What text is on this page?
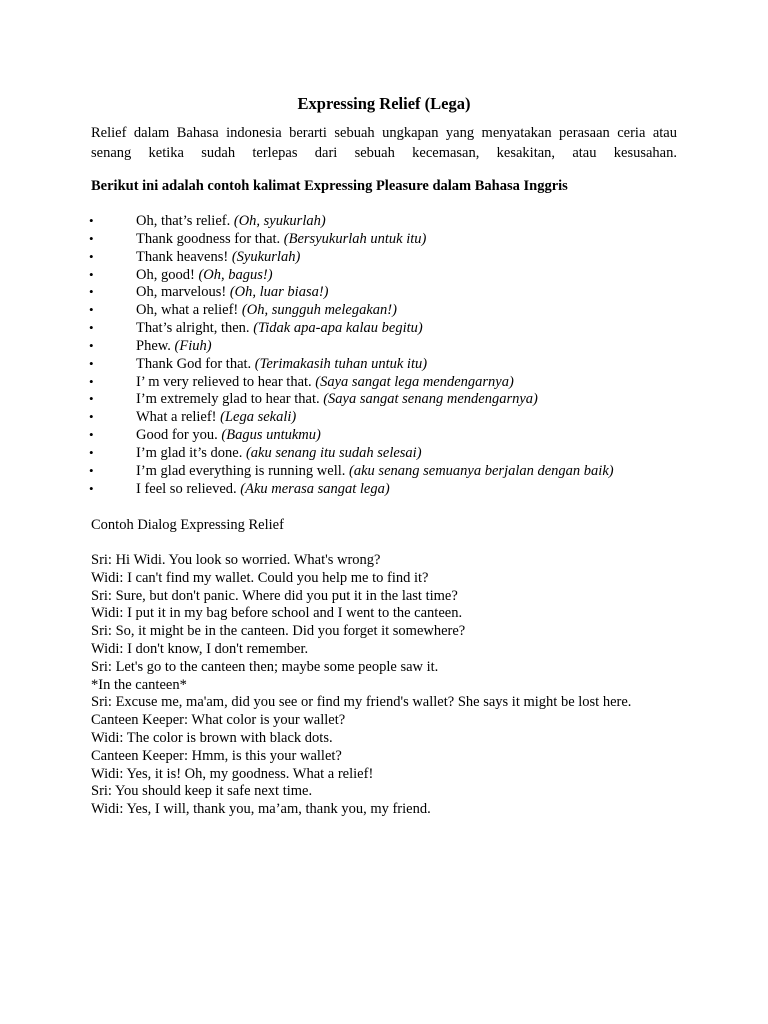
Expressing Relief (Lega)

Relief dalam Bahasa indonesia berarti sebuah ungkapan yang menyatakan perasaan ceria atau
senang ketika sudah terlepas dari sebuah kecemasan, kesakitan, atau kesusahan.

Berikut ini adalah contoh kalimat Expressing Pleasure dalam Bahasa Inggris

•	Oh, that’s relief. (Oh, syukurlah)
•	Thank goodness for that. (Bersyukurlah untuk itu)
•	Thank heavens! (Syukurlah)
•	Oh, good! (Oh, bagus!)
•	Oh, marvelous! (Oh, luar biasa!)
•	Oh, what a relief! (Oh, sungguh melegakan!)
•	That’s alright, then. (Tidak apa-apa kalau begitu)
•	Phew. (Fiuh)
•	Thank God for that. (Terimakasih tuhan untuk itu)
•	I’ m very relieved to hear that. (Saya sangat lega mendengarnya)
•	I’m extremely glad to hear that. (Saya sangat senang mendengarnya)
•	What a relief! (Lega sekali)
•	Good for you. (Bagus untukmu)
•	I’m glad it’s done. (aku senang itu sudah selesai)
•	I’m glad everything is running well. (aku senang semuanya berjalan dengan baik)
•	I feel so relieved. (Aku merasa sangat lega)

Contoh Dialog Expressing Relief

Sri: Hi Widi. You look so worried. What's wrong?
Widi: I can't find my wallet. Could you help me to find it?
Sri: Sure, but don't panic. Where did you put it in the last time?
Widi: I put it in my bag before school and I went to the canteen.
Sri: So, it might be in the canteen. Did you forget it somewhere?
Widi: I don't know, I don't remember.
Sri: Let's go to the canteen then; maybe some people saw it.
*In the canteen*
Sri: Excuse me, ma'am, did you see or find my friend's wallet? She says it might be lost here.
Canteen Keeper: What color is your wallet?
Widi: The color is brown with black dots.
Canteen Keeper: Hmm, is this your wallet?
Widi: Yes, it is! Oh, my goodness. What a relief!
Sri: You should keep it safe next time.
Widi: Yes, I will, thank you, ma’am, thank you, my friend.
